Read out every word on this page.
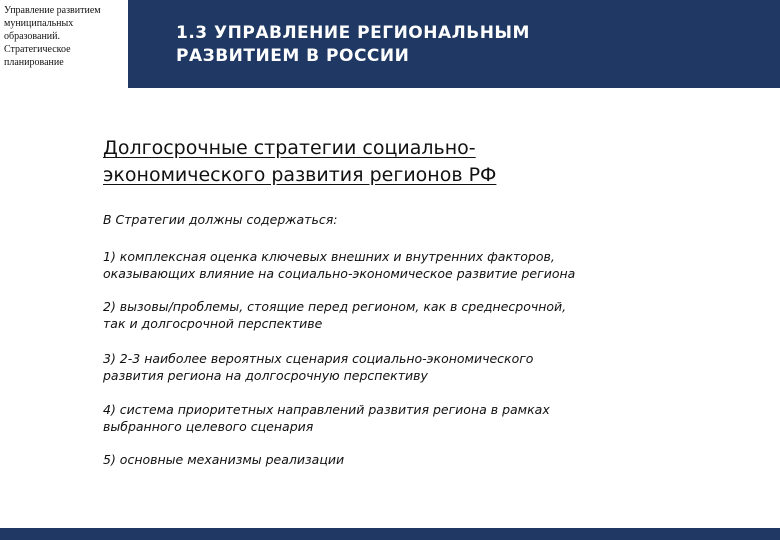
Управление развитием
муниципальных
образований.
Стратегическое
планирование
1.3 УПРАВЛЕНИЕ РЕГИОНАЛЬНЫМ
РАЗВИТИЕМ В РОССИИ
Долгосрочные стратегии социально-
экономического развития регионов РФ
В Стратегии должны содержаться:
1) комплексная оценка ключевых внешних и внутренних факторов,
оказывающих влияние на социально-экономическое развитие региона
2) вызовы/проблемы, стоящие перед регионом, как в среднесрочной,
так и долгосрочной перспективе
3) 2-3 наиболее вероятных сценария социально-экономического
развития региона на долгосрочную перспективу
4) система приоритетных направлений развития региона в рамках
выбранного целевого сценария
5) основные механизмы реализации
